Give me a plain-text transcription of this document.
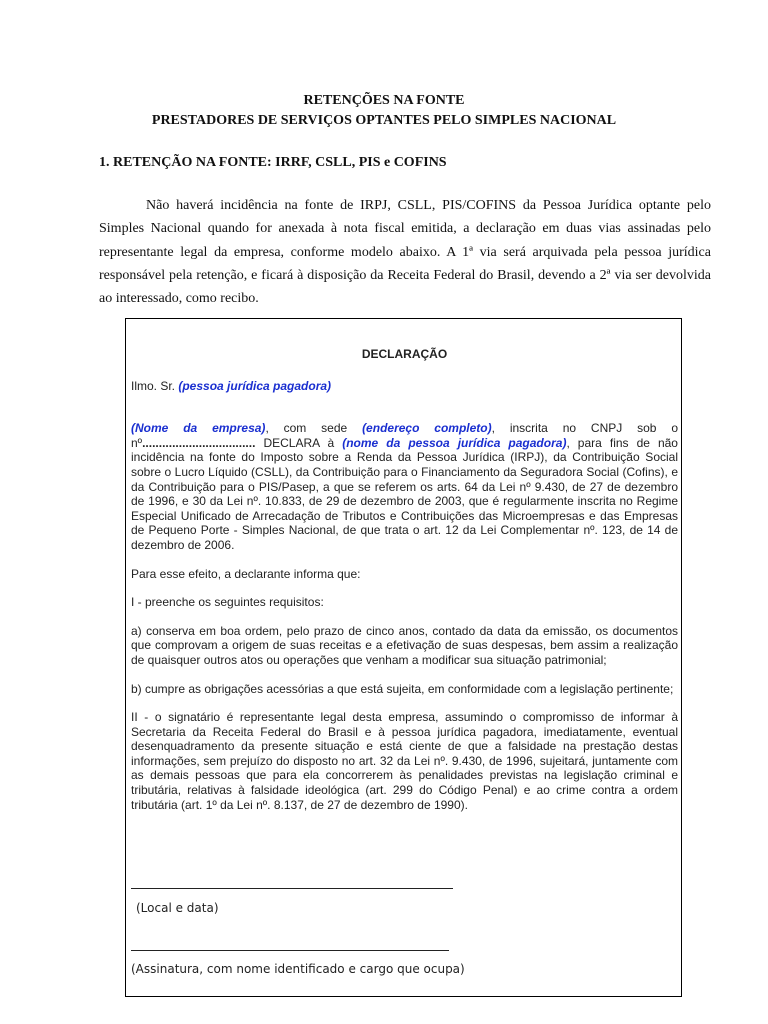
RETENÇÕES NA FONTE
PRESTADORES DE SERVIÇOS OPTANTES PELO SIMPLES NACIONAL
1. RETENÇÃO NA FONTE: IRRF, CSLL, PIS e COFINS
Não haverá incidência na fonte de IRPJ, CSLL, PIS/COFINS da Pessoa Jurídica optante pelo Simples Nacional quando for anexada à nota fiscal emitida, a declaração em duas vias assinadas pelo representante legal da empresa, conforme modelo abaixo. A 1ª via será arquivada pela pessoa jurídica responsável pela retenção, e ficará à disposição da Receita Federal do Brasil, devendo a 2ª via ser devolvida ao interessado, como recibo.

DECLARAÇÃO

Ilmo. Sr. (pessoa jurídica pagadora)

(Nome da empresa), com sede (endereço completo), inscrita no CNPJ sob o nº.................................. DECLARA à (nome da pessoa jurídica pagadora), para fins de não incidência na fonte do Imposto sobre a Renda da Pessoa Jurídica (IRPJ), da Contribuição Social sobre o Lucro Líquido (CSLL), da Contribuição para o Financiamento da Seguradora Social (Cofins), e da Contribuição para o PIS/Pasep, a que se referem os arts. 64 da Lei nº 9.430, de 27 de dezembro de 1996, e 30 da Lei nº. 10.833, de 29 de dezembro de 2003, que é regularmente inscrita no Regime Especial Unificado de Arrecadação de Tributos e Contribuições das Microempresas e das Empresas de Pequeno Porte - Simples Nacional, de que trata o art. 12 da Lei Complementar nº. 123, de 14 de dezembro de 2006.

Para esse efeito, a declarante informa que:

I - preenche os seguintes requisitos:

a) conserva em boa ordem, pelo prazo de cinco anos, contado da data da emissão, os documentos que comprovam a origem de suas receitas e a efetivação de suas despesas, bem assim a realização de quaisquer outros atos ou operações que venham a modificar sua situação patrimonial;

b) cumpre as obrigações acessórias a que está sujeita, em conformidade com a legislação pertinente;

II - o signatário é representante legal desta empresa, assumindo o compromisso de informar à Secretaria da Receita Federal do Brasil e à pessoa jurídica pagadora, imediatamente, eventual desenquadramento da presente situação e está ciente de que a falsidade na prestação destas informações, sem prejuízo do disposto no art. 32 da Lei nº. 9.430, de 1996, sujeitará, juntamente com as demais pessoas que para ela concorrerem às penalidades previstas na legislação criminal e tributária, relativas à falsidade ideológica (art. 299 do Código Penal) e ao crime contra a ordem tributária (art. 1º da Lei nº. 8.137, de 27 de dezembro de 1990).

(Local e data)
(Assinatura, com nome identificado e cargo que ocupa)
